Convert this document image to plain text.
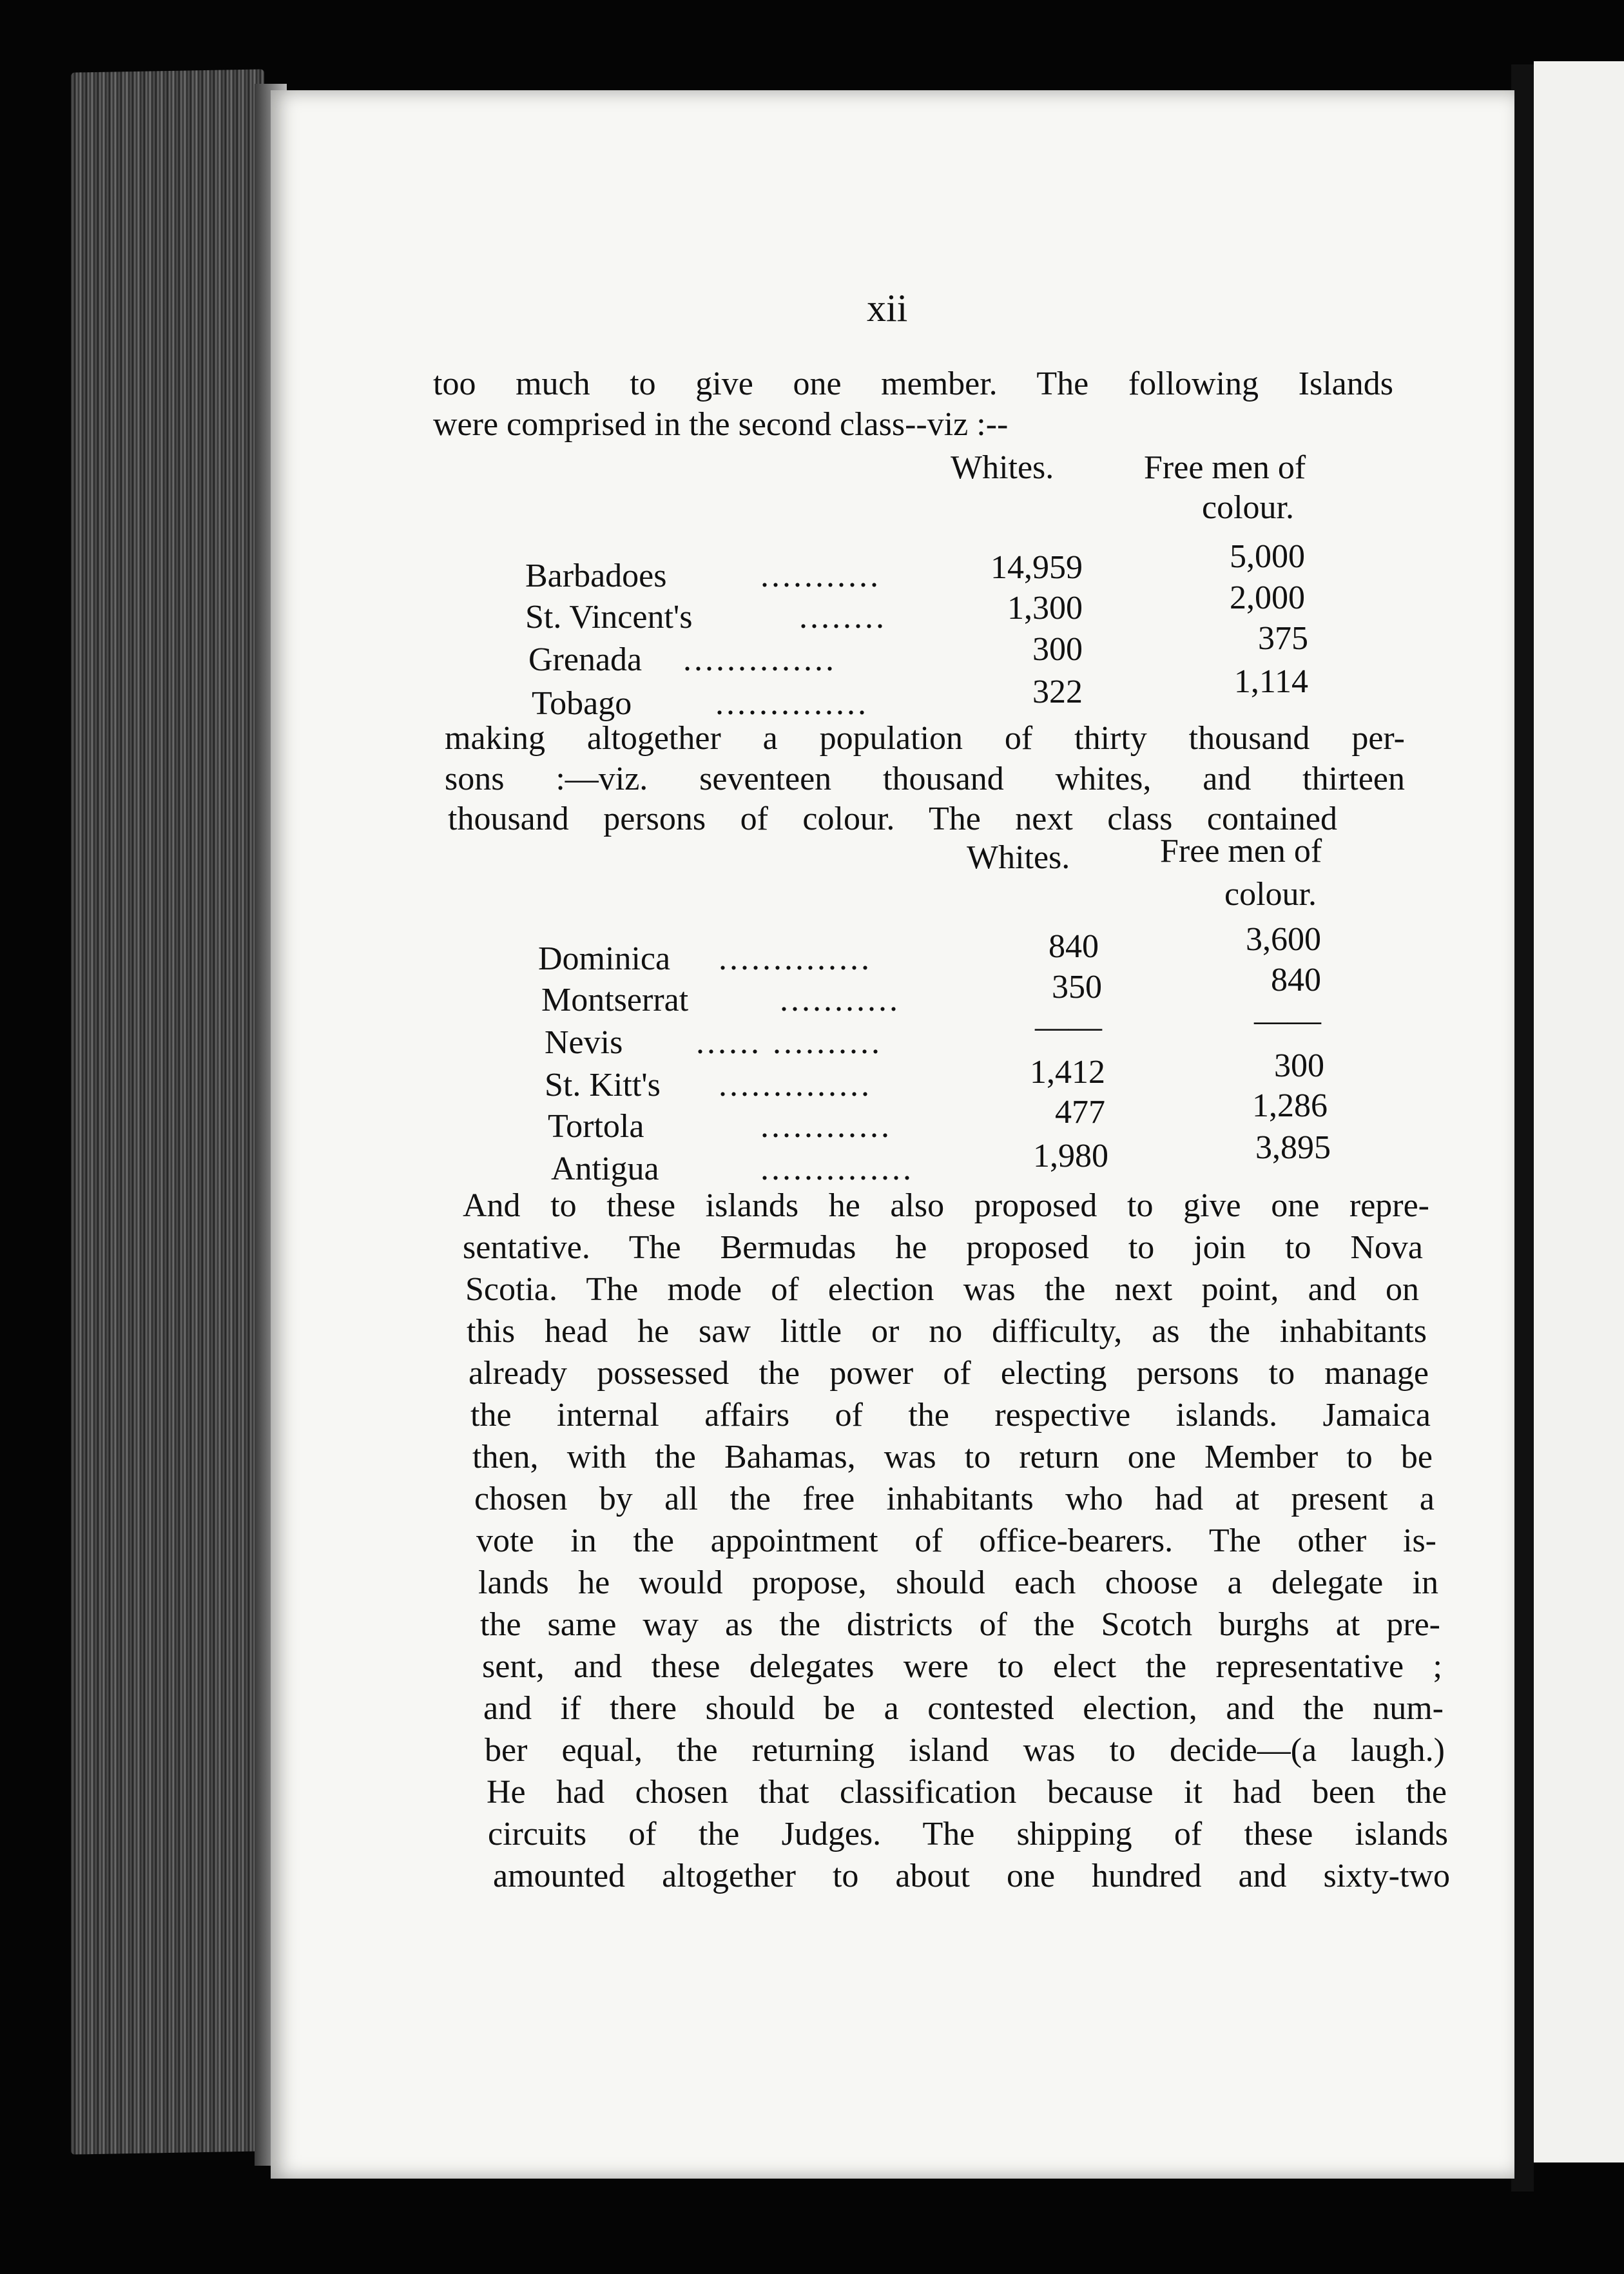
xii
too much to give one member. The following Islands
were comprised in the second class--viz :--
Whites.	Free men of
colour.
Barbadoes	...........	14,959	5,000
St. Vincent's	........	1,300	2,000
Grenada ..............	300	375
Tobago ..............	322	1,114
making altogether a population of thirty thousand per-
sons :—viz. seventeen thousand whites, and thirteen
thousand persons of colour. The next class contained
Whites.	Free men of
colour.
Dominica ..............	840	3,600
Montserrat	...........	350	840
Nevis ...... ..........	——	——
St. Kitt's ..............	1,412	300
Tortola	............	477	1,286
Antigua	..............	1,980	3,895
And to these islands he also proposed to give one repre-
sentative. The Bermudas he proposed to join to Nova
Scotia. The mode of election was the next point, and on
this head he saw little or no difficulty, as the inhabitants
already possessed the power of electing persons to manage
the internal affairs of the respective islands. Jamaica
then, with the Bahamas, was to return one Member to be
chosen by all the free inhabitants who had at present a
vote in the appointment of office-bearers. The other is-
lands he would propose, should each choose a delegate in
the same way as the districts of the Scotch burghs at pre-
sent, and these delegates were to elect the representative ;
and if there should be a contested election, and the num-
ber equal, the returning island was to decide—(a laugh.)
He had chosen that classification because it had been the
circuits of the Judges. The shipping of these islands
amounted altogether to about one hundred and sixty-two
